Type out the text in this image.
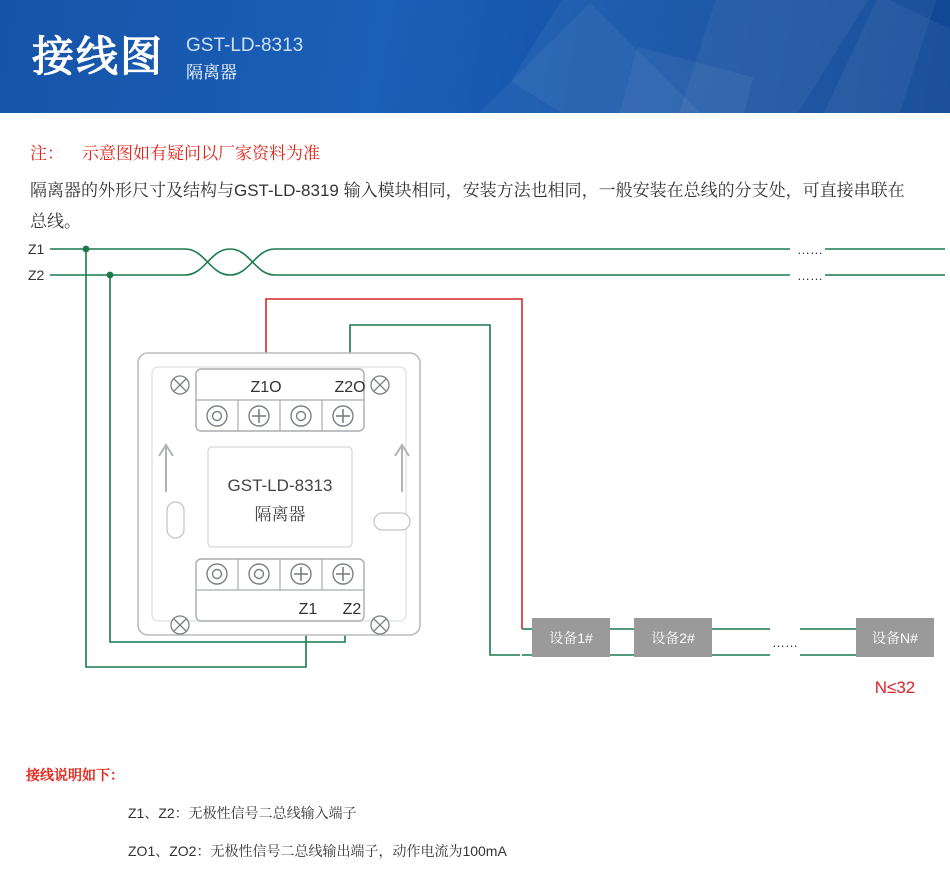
接线图 GST-LD-8313
隔离器
注： 示意图如有疑问以厂家资料为准
隔离器的外形尺寸及结构与GST-LD-8319 输入模块相同，安装方法也相同，一般安装在总线的分支处，可直接串联在总线。
Z1
Z2
……
……
……
设备1#	设备2#	设备N#
N≤32
Z1O	Z2O
GST-LD-8313
隔离器
Z1 Z2
接线说明如下：
Z1、Z2：无极性信号二总线输入端子
ZO1、ZO2：无极性信号二总线输出端子，动作电流为100mA
